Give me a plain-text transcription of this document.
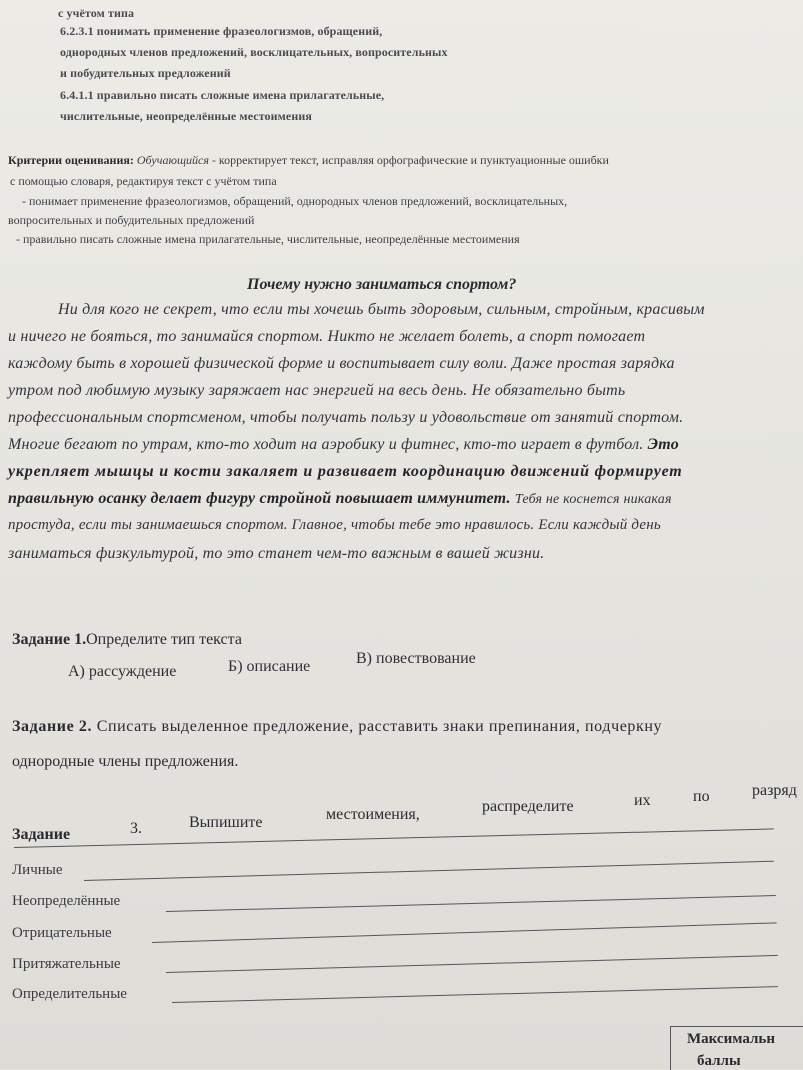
с учётом типа
6.2.3.1 понимать применение фразеологизмов, обращений,
однородных членов предложений, восклицательных, вопросительных
и побудительных предложений
6.4.1.1 правильно писать сложные имена прилагательные,
числительные, неопределённые местоимения
Критерии оценивания: Обучающийся - корректирует текст, исправляя орфографические и пунктуационные ошибки
с помощью словаря, редактируя текст с учётом типа
- понимает применение фразеологизмов, обращений, однородных членов предложений, восклицательных,
вопросительных и побудительных предложений
- правильно писать сложные имена прилагательные, числительные, неопределённые местоимения
Почему нужно заниматься спортом?
Ни для кого не секрет, что если ты хочешь быть здоровым, сильным, стройным, красивым
и ничего не бояться, то занимайся спортом. Никто не желает болеть, а спорт помогает
каждому быть в хорошей физической форме и воспитывает силу воли. Даже простая зарядка
утром под любимую музыку заряжает нас энергией на весь день. Не обязательно быть
профессиональным спортсменом, чтобы получать пользу и удовольствие от занятий спортом.
Многие бегают по утрам, кто-то ходит на аэробику и фитнес, кто-то играет в футбол. Это
укрепляет мышцы и кости закаляет и развивает координацию движений формирует
правильную осанку делает фигуру стройной повышает иммунитет. Тебя не коснется никакая
простуда, если ты занимаешься спортом. Главное, чтобы тебе это нравилось. Если каждый день
заниматься физкультурой, то это станет чем-то важным в вашей жизни.
Задание 1.Определите тип текста
А) рассуждение	Б) описание	В) повествование
Задание 2. Списать выделенное предложение, расставить знаки препинания, подчеркну
однородные члены предложения.
Задание	3.	Выпишите	местоимения,	распределите	их	по	разряд
Личные
Неопределённые
Отрицательные
Притяжательные
Определительные
Максимальн
баллы
